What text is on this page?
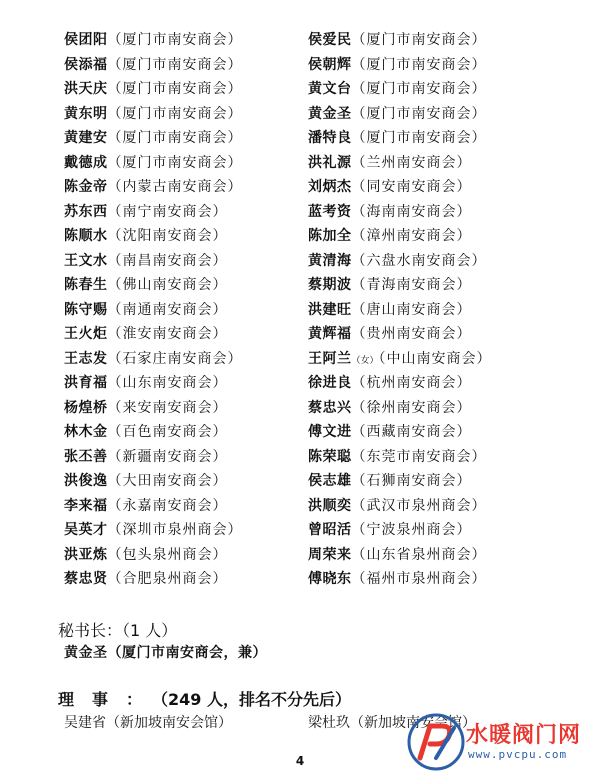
侯团阳（厦门市南安商会）
侯添福（厦门市南安商会）
洪天庆（厦门市南安商会）
黄东明（厦门市南安商会）
黄建安（厦门市南安商会）
戴德成（厦门市南安商会）
陈金帝（内蒙古南安商会）
苏东西（南宁南安商会）
陈顺水（沈阳南安商会）
王文水（南昌南安商会）
陈春生（佛山南安商会）
陈守赐（南通南安商会）
王火炬（淮安南安商会）
王志发（石家庄南安商会）
洪育福（山东南安商会）
杨煌桥（来安南安商会）
林木金（百色南安商会）
张丕善（新疆南安商会）
洪俊逸（大田南安商会）
李来福（永嘉南安商会）
吴英才（深圳市泉州商会）
洪亚炼（包头泉州商会）
蔡忠贤（合肥泉州商会）
侯爱民（厦门市南安商会）
侯朝辉（厦门市南安商会）
黄文台（厦门市南安商会）
黄金圣（厦门市南安商会）
潘特良（厦门市南安商会）
洪礼源（兰州南安商会）
刘炳杰（同安南安商会）
蓝考资（海南南安商会）
陈加全（漳州南安商会）
黄清海（六盘水南安商会）
蔡期波（青海南安商会）
洪建旺（唐山南安商会）
黄辉福（贵州南安商会）
王阿兰（女）（中山南安商会）
徐进良（杭州南安商会）
蔡忠兴（徐州南安商会）
傅文进（西藏南安商会）
陈荣聪（东莞市南安商会）
侯志雄（石狮南安商会）
洪顺奕（武汉市泉州商会）
曾昭活（宁波泉州商会）
周荣来（山东省泉州商会）
傅晓东（福州市泉州商会）
秘书长：（1 人）
黄金圣（厦门市南安商会，兼）
理事：（249 人，排名不分先后）
吴建省（新加坡南安会馆）	梁杜玖（新加坡南安会馆）
4
水暖阀门网
www.pvcpu.com
